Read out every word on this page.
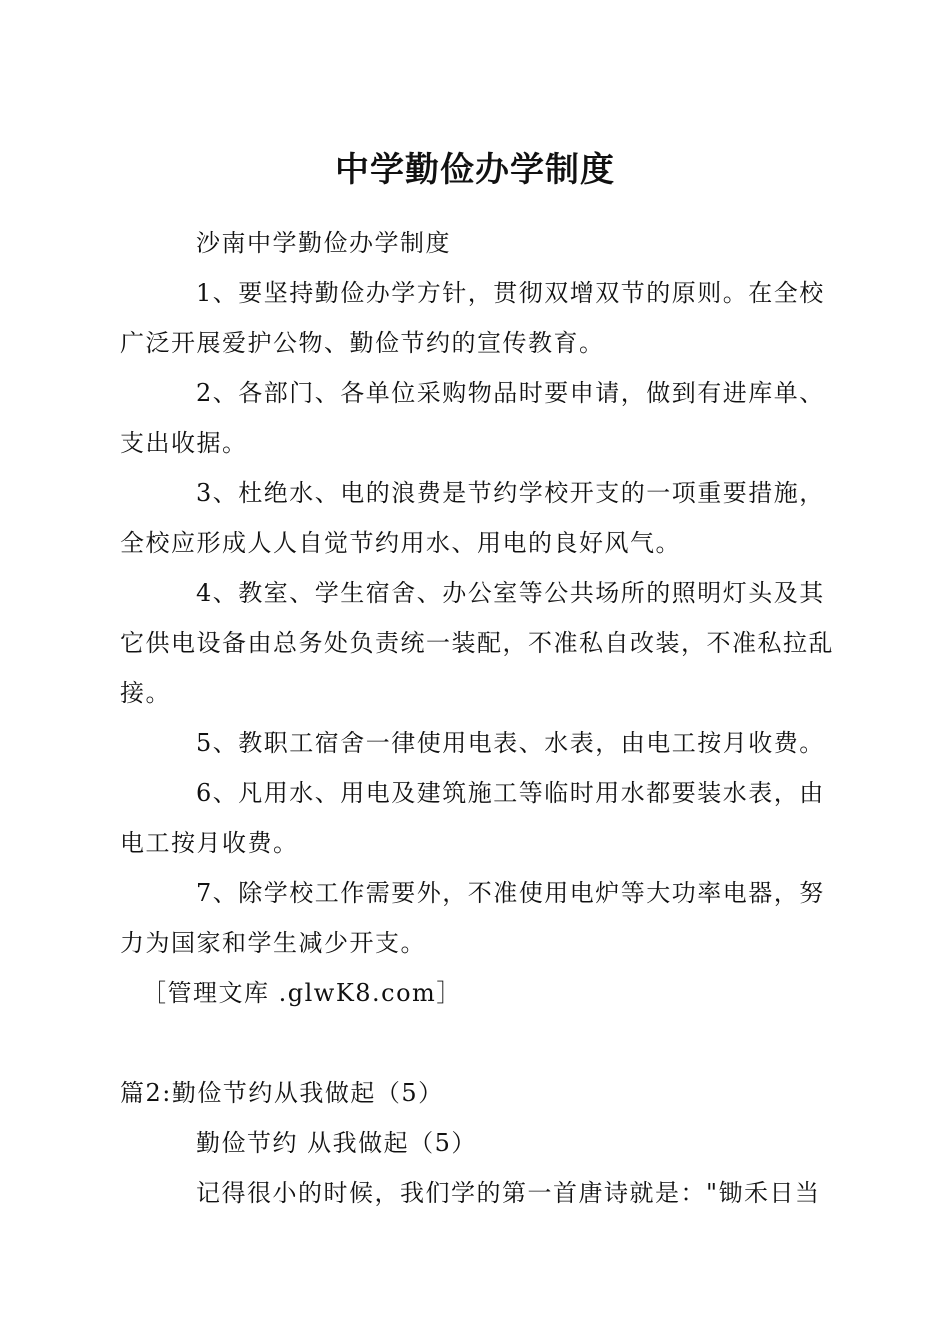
中学勤俭办学制度
沙南中学勤俭办学制度
1、要坚持勤俭办学方针，贯彻双增双节的原则。在全校
广泛开展爱护公物、勤俭节约的宣传教育。
2、各部门、各单位采购物品时要申请，做到有进库单、
支出收据。
3、杜绝水、电的浪费是节约学校开支的一项重要措施，
全校应形成人人自觉节约用水、用电的良好风气。
4、教室、学生宿舍、办公室等公共场所的照明灯头及其
它供电设备由总务处负责统一装配，不准私自改装，不准私拉乱
接。
5、教职工宿舍一律使用电表、水表，由电工按月收费。
6、凡用水、用电及建筑施工等临时用水都要装水表，由
电工按月收费。
7、除学校工作需要外，不准使用电炉等大功率电器，努
力为国家和学生减少开支。
［管理文库 .glwK8.com］
篇2:勤俭节约从我做起（5）
勤俭节约 从我做起（5）
记得很小的时候，我们学的第一首唐诗就是："锄禾日当
